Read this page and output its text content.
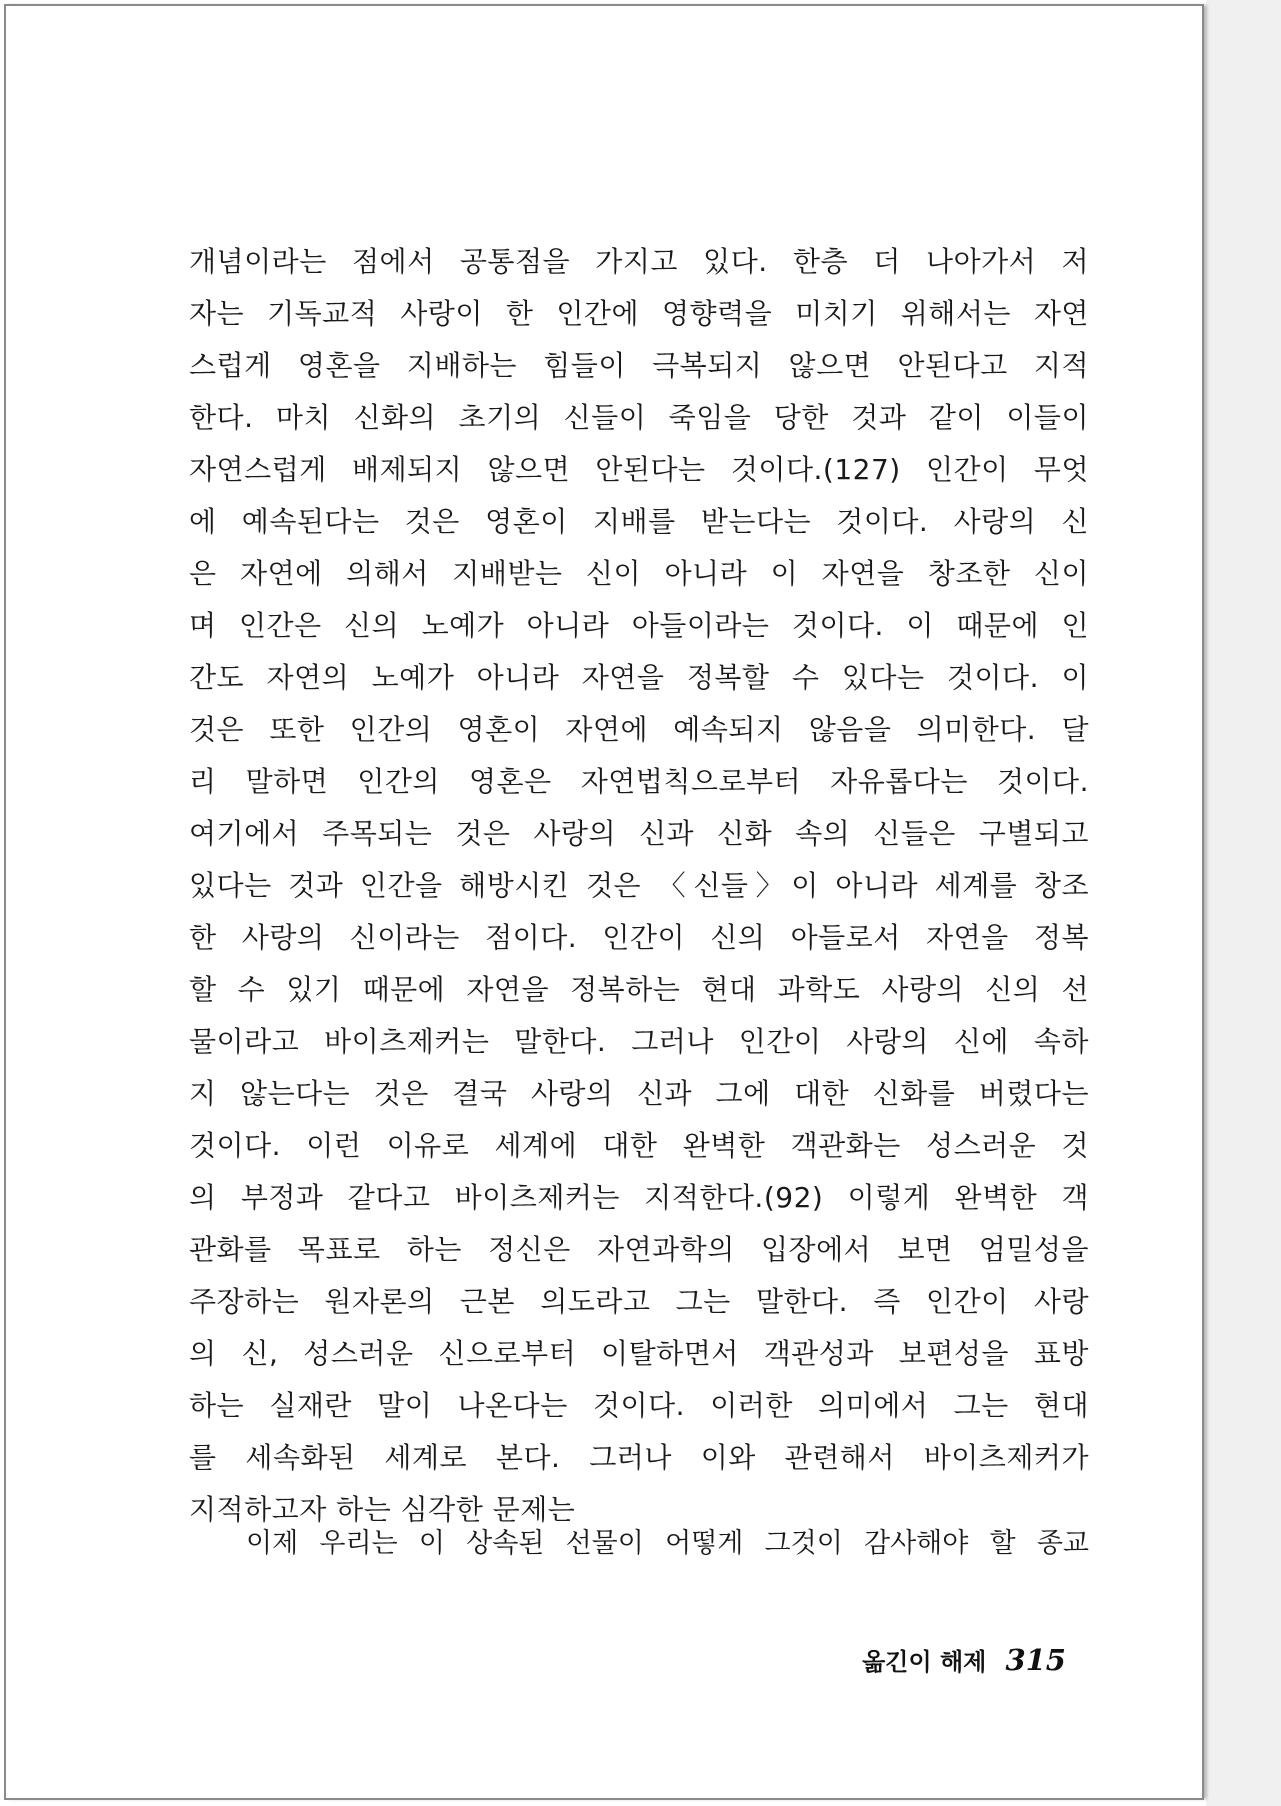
개념이라는 점에서 공통점을 가지고 있다. 한층 더 나아가서 저
자는 기독교적 사랑이 한 인간에 영향력을 미치기 위해서는 자연
스럽게 영혼을 지배하는 힘들이 극복되지 않으면 안된다고 지적
한다. 마치 신화의 초기의 신들이 죽임을 당한 것과 같이 이들이
자연스럽게 배제되지 않으면 안된다는 것이다.(127) 인간이 무엇
에 예속된다는 것은 영혼이 지배를 받는다는 것이다. 사랑의 신
은 자연에 의해서 지배받는 신이 아니라 이 자연을 창조한 신이
며 인간은 신의 노예가 아니라 아들이라는 것이다. 이 때문에 인
간도 자연의 노예가 아니라 자연을 정복할 수 있다는 것이다. 이
것은 또한 인간의 영혼이 자연에 예속되지 않음을 의미한다. 달
리 말하면 인간의 영혼은 자연법칙으로부터 자유롭다는 것이다.
여기에서 주목되는 것은 사랑의 신과 신화 속의 신들은 구별되고
있다는 것과 인간을 해방시킨 것은 〈신들〉이 아니라 세계를 창조
한 사랑의 신이라는 점이다. 인간이 신의 아들로서 자연을 정복
할 수 있기 때문에 자연을 정복하는 현대 과학도 사랑의 신의 선
물이라고 바이츠제커는 말한다. 그러나 인간이 사랑의 신에 속하
지 않는다는 것은 결국 사랑의 신과 그에 대한 신화를 버렸다는
것이다. 이런 이유로 세계에 대한 완벽한 객관화는 성스러운 것
의 부정과 같다고 바이츠제커는 지적한다.(92) 이렇게 완벽한 객
관화를 목표로 하는 정신은 자연과학의 입장에서 보면 엄밀성을
주장하는 원자론의 근본 의도라고 그는 말한다. 즉 인간이 사랑
의 신, 성스러운 신으로부터 이탈하면서 객관성과 보편성을 표방
하는 실재란 말이 나온다는 것이다. 이러한 의미에서 그는 현대
를 세속화된 세계로 본다. 그러나 이와 관련해서 바이츠제커가
지적하고자 하는 심각한 문제는
이제 우리는 이 상속된 선물이 어떻게 그것이 감사해야 할 종교
옮긴이 해제 315
